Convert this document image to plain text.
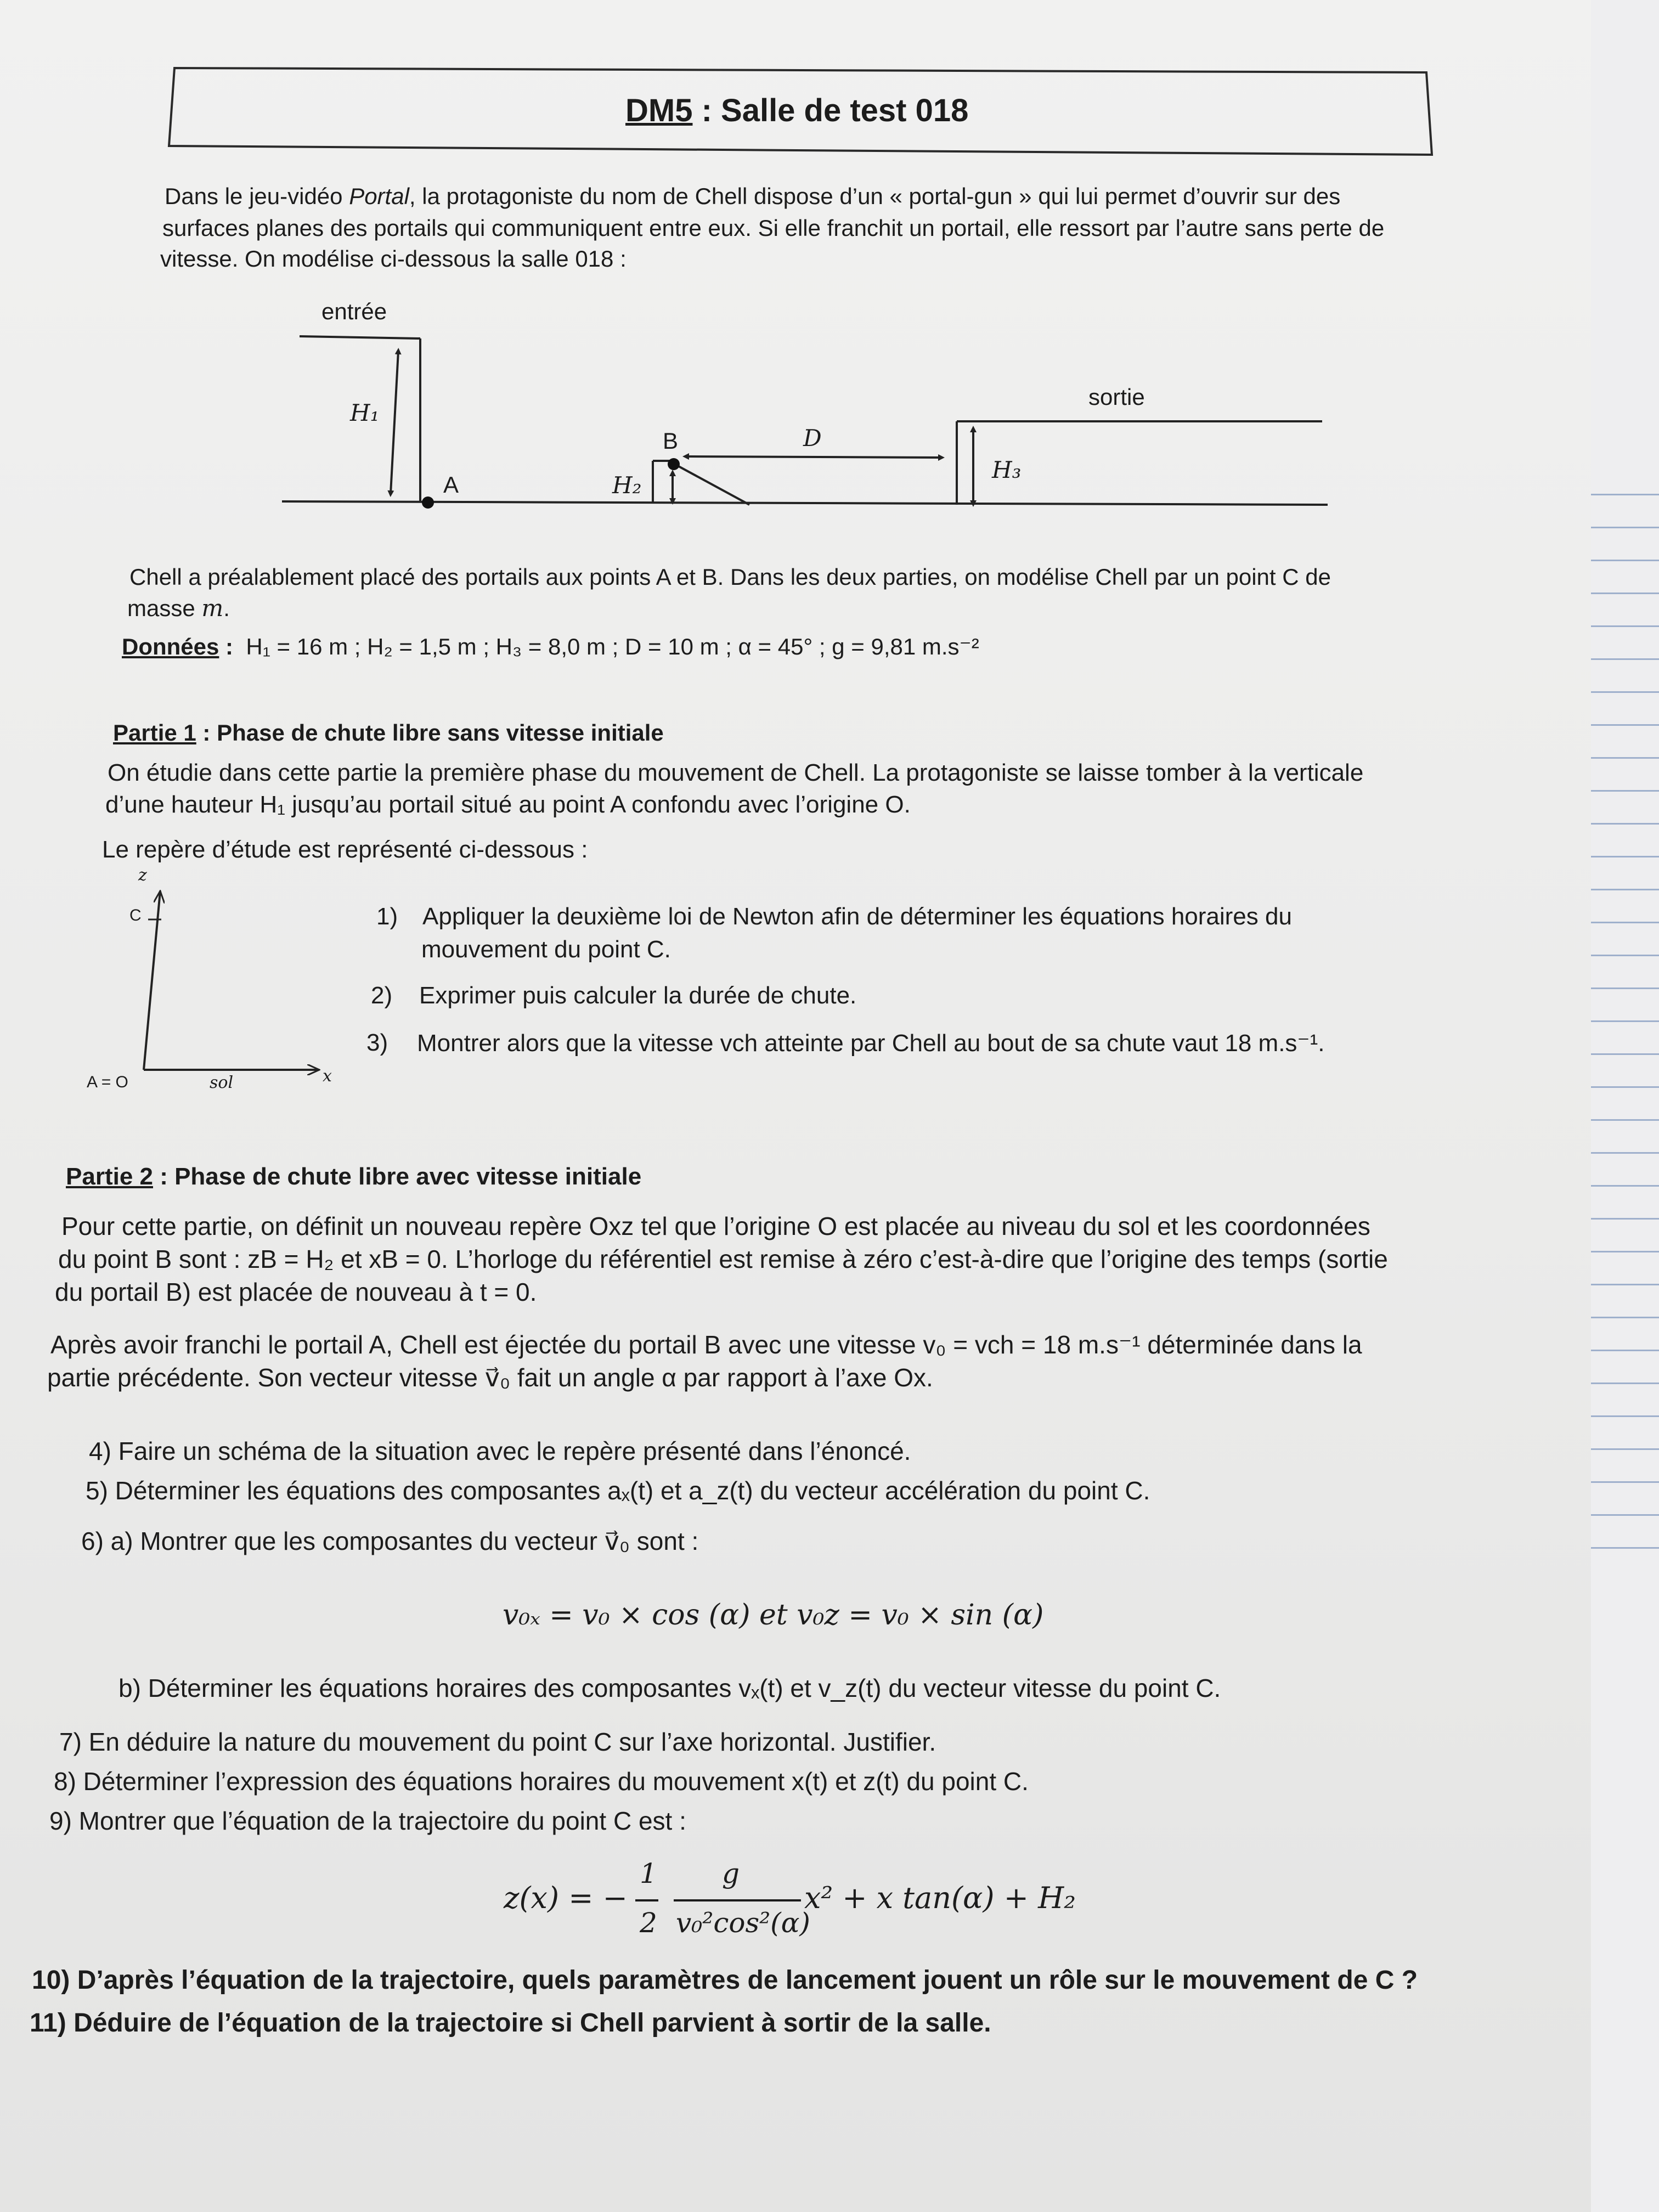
DM5 : Salle de test 018
Dans le jeu-vidéo Portal, la protagoniste du nom de Chell dispose d’un « portal-gun » qui lui permet d’ouvrir sur des
surfaces planes des portails qui communiquent entre eux. Si elle franchit un portail, elle ressort par l’autre sans perte de
vitesse. On modélise ci-dessous la salle 018 :
entrée
sortie
H₁
A
B	D
H₂
H₃
Chell a préalablement placé des portails aux points A et B. Dans les deux parties, on modélise Chell par un point C de
masse m.
Données : H₁ = 16 m ; H₂ = 1,5 m ; H₃ = 8,0 m ; D = 10 m ; α = 45° ; g = 9,81 m.s⁻²
Partie 1 : Phase de chute libre sans vitesse initiale
On étudie dans cette partie la première phase du mouvement de Chell. La protagoniste se laisse tomber à la verticale
d’une hauteur H₁ jusqu’au portail situé au point A confondu avec l’origine O.
Le repère d’étude est représenté ci-dessous :
z
C
A = O	sol	x
1) Appliquer la deuxième loi de Newton afin de déterminer les équations horaires du
mouvement du point C.
2) Exprimer puis calculer la durée de chute.
3) Montrer alors que la vitesse vch atteinte par Chell au bout de sa chute vaut 18 m.s⁻¹.
Partie 2 : Phase de chute libre avec vitesse initiale
Pour cette partie, on définit un nouveau repère Oxz tel que l’origine O est placée au niveau du sol et les coordonnées
du point B sont : zB = H₂ et xB = 0. L’horloge du référentiel est remise à zéro c’est-à-dire que l’origine des temps (sortie
du portail B) est placée de nouveau à t = 0.
Après avoir franchi le portail A, Chell est éjectée du portail B avec une vitesse v₀ = vch = 18 m.s⁻¹ déterminée dans la
partie précédente. Son vecteur vitesse v⃗₀ fait un angle α par rapport à l’axe Ox.
4) Faire un schéma de la situation avec le repère présenté dans l’énoncé.
5) Déterminer les équations des composantes aₓ(t) et a_z(t) du vecteur accélération du point C.
6) a) Montrer que les composantes du vecteur v⃗₀ sont :
v₀ₓ = v₀ × cos (α) et v₀z = v₀ × sin (α)
b) Déterminer les équations horaires des composantes vₓ(t) et v_z(t) du vecteur vitesse du point C.
7) En déduire la nature du mouvement du point C sur l’axe horizontal. Justifier.
8) Déterminer l’expression des équations horaires du mouvement x(t) et z(t) du point C.
9) Montrer que l’équation de la trajectoire du point C est :
z(x) = −
1
2
g
v₀²cos²(α)
x² + x tan(α) + H₂
10) D’après l’équation de la trajectoire, quels paramètres de lancement jouent un rôle sur le mouvement de C ?
11) Déduire de l’équation de la trajectoire si Chell parvient à sortir de la salle.
